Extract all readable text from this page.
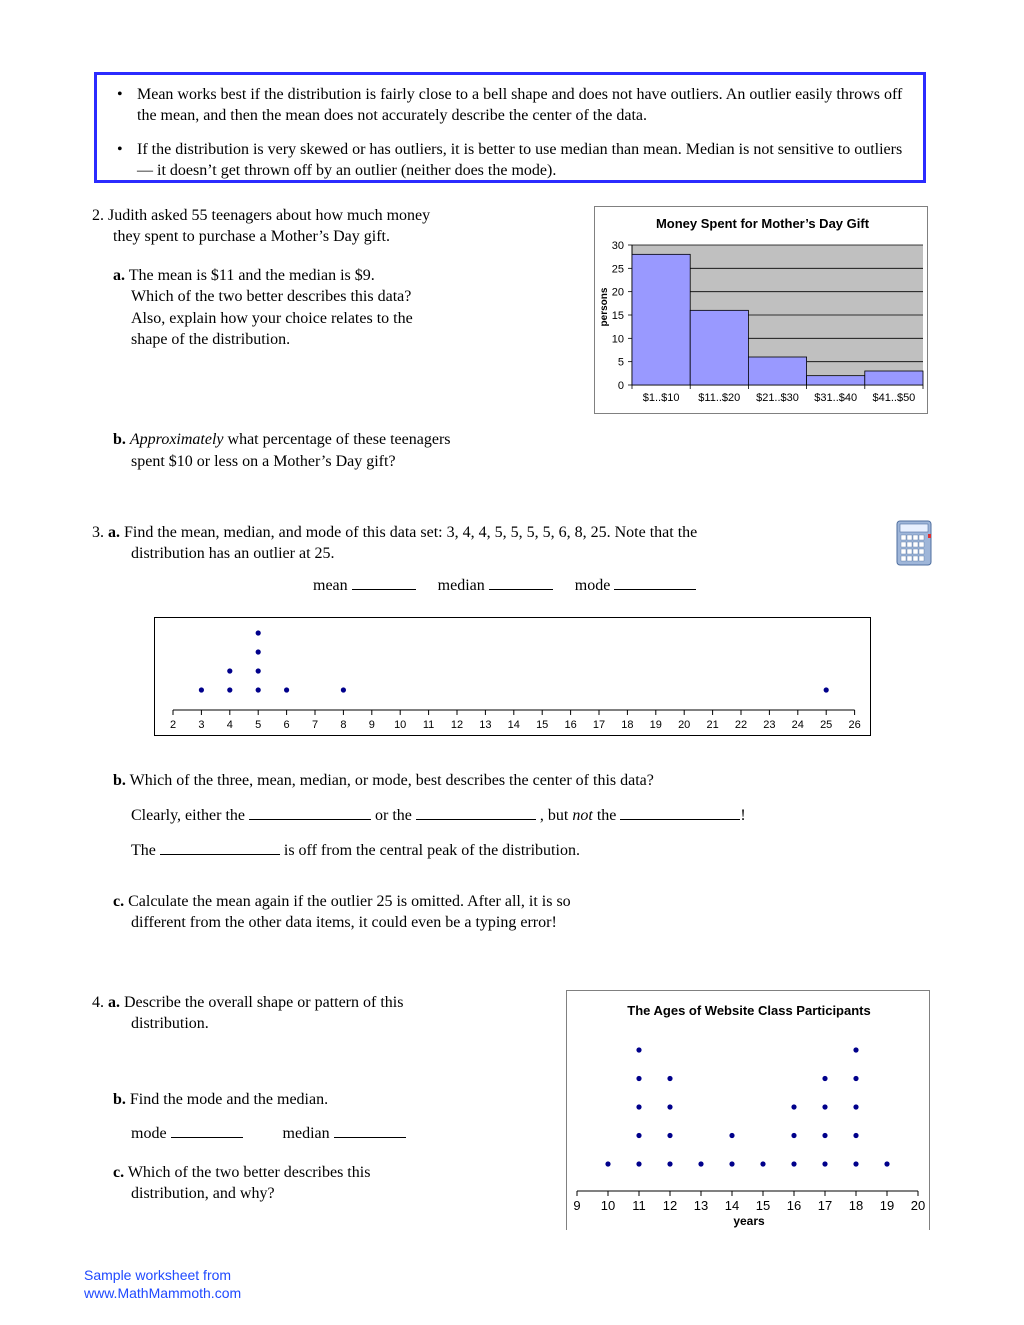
• Mean works best if the distribution is fairly close to a bell shape and does not have outliers. An outlier easily throws off the mean, and then the mean does not accurately describe the center of the data.
• If the distribution is very skewed or has outliers, it is better to use median than mean. Median is not sensitive to outliers — it doesn’t get thrown off by an outlier (neither does the mode).
2. Judith asked 55 teenagers about how much money
they spent to purchase a Mother’s Day gift.
a. The mean is $11 and the median is $9.
Which of the two better describes this data?
Also, explain how your choice relates to the
shape of the distribution.
b. Approximately what percentage of these teenagers
spent $10 or less on a Mother’s Day gift?
Money Spent for Mother’s Day Gift
0
5
10
15
20
25
30
$1..$10 $11..$20 $21..$30 $31..$40 $41..$50
persons
3. a. Find the mean, median, and mode of this data set: 3, 4, 4, 5, 5, 5, 5, 6, 8, 25. Note that the
distribution has an outlier at 25.
mean	median	mode
2 3 4 5 6 7 8 9 10 11 12 13 14 15 16 17 18 19 20 21 22 23 24 25 26
b. Which of the three, mean, median, or mode, best describes the center of this data?
Clearly, either the	or the	, but not the	!
The	is off from the central peak of the distribution.
c. Calculate the mean again if the outlier 25 is omitted. After all, it is so
different from the other data items, it could even be a typing error!
4. a. Describe the overall shape or pattern of this
distribution.
b. Find the mode and the median.
mode	median
c. Which of the two better describes this
distribution, and why?
The Ages of Website Class Participants
9 10 11 12 13 14 15 16 17 18 19 20
years
Sample worksheet from
www.MathMammoth.com
